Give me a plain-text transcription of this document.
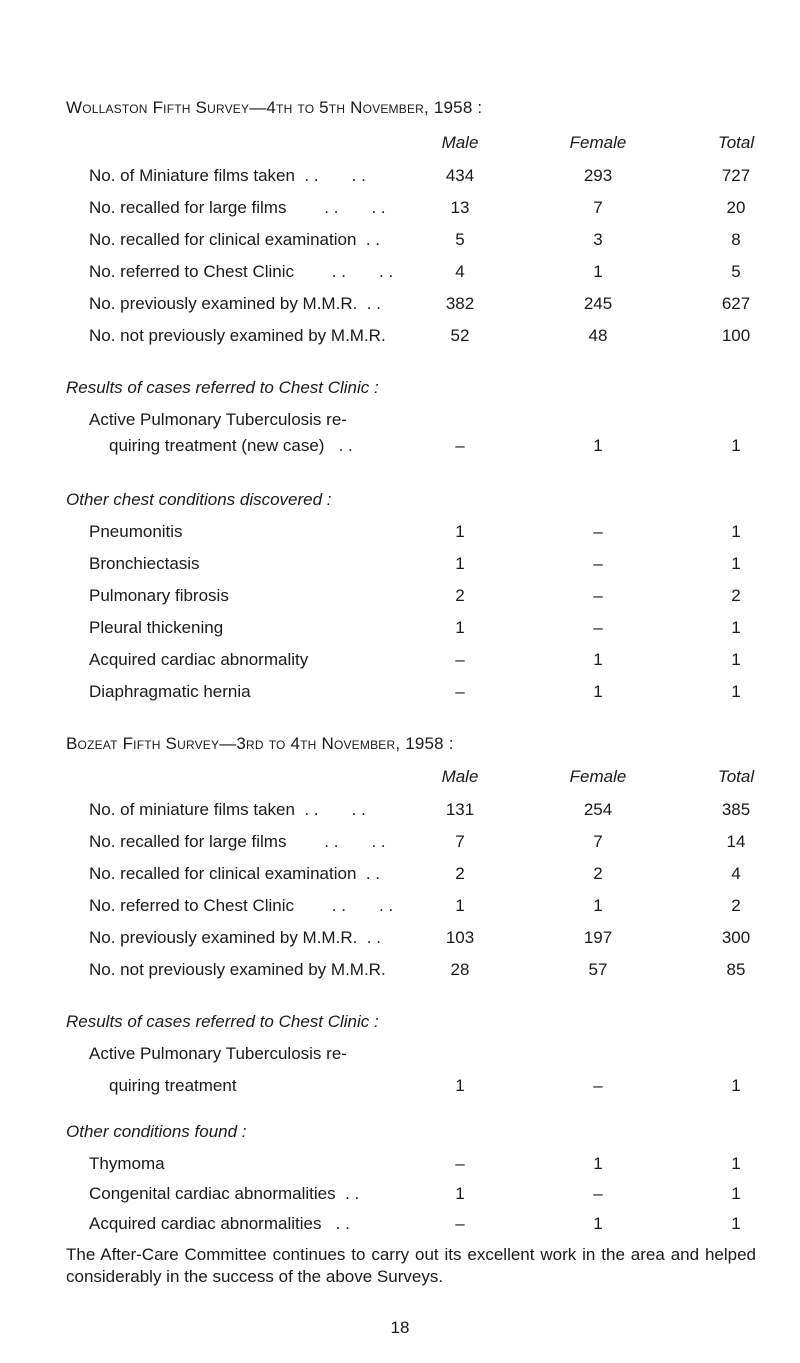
Wollaston Fifth Survey—4th to 5th November, 1958 :
Male	Female	Total
No. of Miniature films taken  . .       . .	434	293	727
No. recalled for large films        . .       . .	13	7	20
No. recalled for clinical examination  . .	5	3	8
No. referred to Chest Clinic        . .       . .	4	1	5
No. previously examined by M.M.R.  . .	382	245	627
No. not previously examined by M.M.R.	52	48	100
Results of cases referred to Chest Clinic :
Active Pulmonary Tuberculosis re-
quiring treatment (new case)   . .	–	1	1
Other chest conditions discovered :
Pneumonitis	1	–	1
Bronchiectasis	1	–	1
Pulmonary fibrosis	2	–	2
Pleural thickening	1	–	1
Acquired cardiac abnormality	–	1	1
Diaphragmatic hernia	–	1	1
Bozeat Fifth Survey—3rd to 4th November, 1958 :
Male	Female	Total
No. of miniature films taken  . .       . .	131	254	385
No. recalled for large films        . .       . .	7	7	14
No. recalled for clinical examination  . .	2	2	4
No. referred to Chest Clinic        . .       . .	1	1	2
No. previously examined by M.M.R.  . .	103	197	300
No. not previously examined by M.M.R.	28	57	85
Results of cases referred to Chest Clinic :
Active Pulmonary Tuberculosis re-
quiring treatment	1	–	1
Other conditions found :
Thymoma	–	1	1
Congenital cardiac abnormalities  . .	1	–	1
Acquired cardiac abnormalities   . .	–	1	1
The After-Care Committee continues to carry out its excellent work in the area and helped considerably in the success of the above Surveys.
18
